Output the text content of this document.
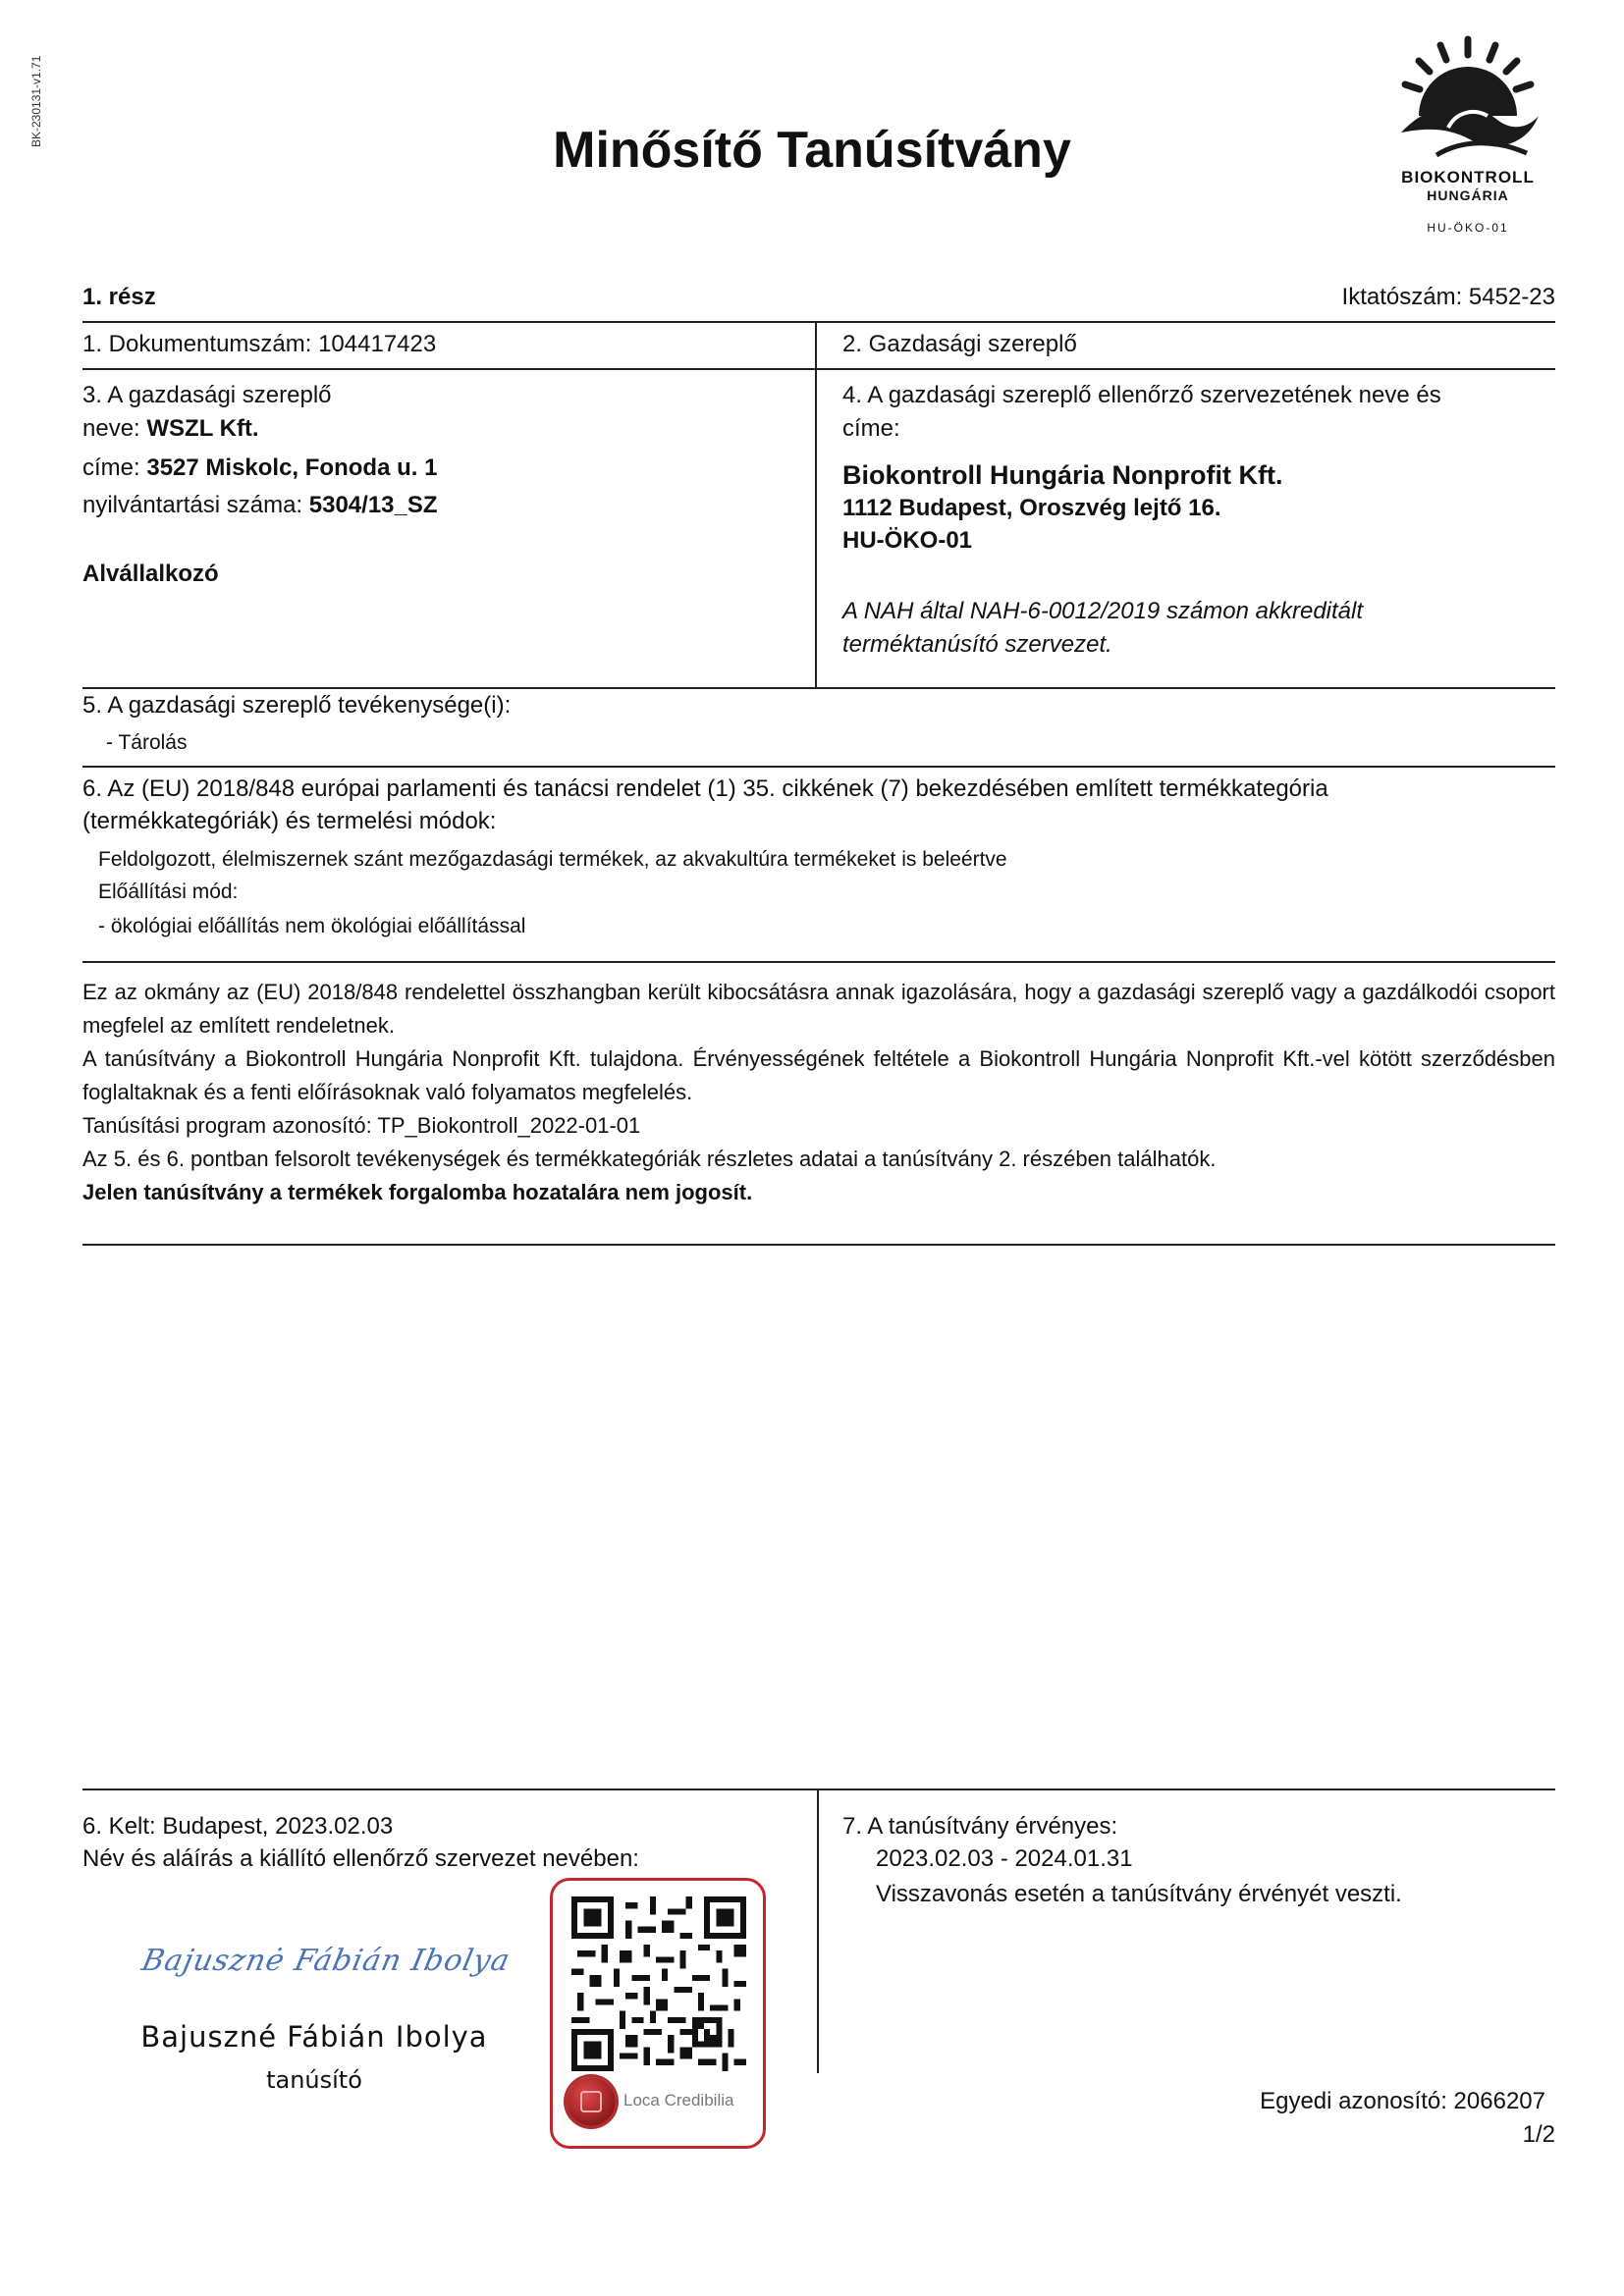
BK-230131-v1.71
Minősítő Tanúsítvány	BIOKONTROLL
HUNGÁRIA
HU-ÖKO-01
1. rész	Iktatószám: 5452-23
1. Dokumentumszám: 104417423	2. Gazdasági szereplő
3. A gazdasági szereplő
neve: WSZL Kft.
címe: 3527 Miskolc, Fonoda u. 1
nyilvántartási száma: 5304/13_SZ
Alvállalkozó
4. A gazdasági szereplő ellenőrző szervezetének neve és
címe:
Biokontroll Hungária Nonprofit Kft.
1112 Budapest, Oroszvég lejtő 16.
HU-ÖKO-01
A NAH által NAH-6-0012/2019 számon akkreditált
terméktanúsító szervezet.
5. A gazdasági szereplő tevékenysége(i):
- Tárolás
6. Az (EU) 2018/848 európai parlamenti és tanácsi rendelet (1) 35. cikkének (7) bekezdésében említett termékkategória
(termékkategóriák) és termelési módok:
Feldolgozott, élelmiszernek szánt mezőgazdasági termékek, az akvakultúra termékeket is beleértve
Előállítási mód:
- ökológiai előállítás nem ökológiai előállítással

Ez az okmány az (EU) 2018/848 rendelettel összhangban került kibocsátásra annak igazolására, hogy a gazdasági szereplő vagy a gazdálkodói csoport megfelel az említett rendeletnek.

A tanúsítvány a Biokontroll Hungária Nonprofit Kft. tulajdona. Érvényességének feltétele a Biokontroll Hungária Nonprofit Kft.-vel kötött szerződésben foglaltaknak és a fenti előírásoknak való folyamatos megfelelés.

Tanúsítási program azonosító: TP_Biokontroll_2022-01-01

Az 5. és 6. pontban felsorolt tevékenységek és termékkategóriák részletes adatai a tanúsítvány 2. részében találhatók.

Jelen tanúsítvány a termékek forgalomba hozatalára nem jogosít.

6. Kelt: Budapest, 2023.02.03
Név és aláírás a kiállító ellenőrző szervezet nevében:
Bajusznė Fábián Ibolya
Bajuszné Fábián Ibolya
tanúsító
Loca Credibilia
7. A tanúsítvány érvényes:
2023.02.03 - 2024.01.31
Visszavonás esetén a tanúsítvány érvényét veszti.
Egyedi azonosító: 2066207
1/2
